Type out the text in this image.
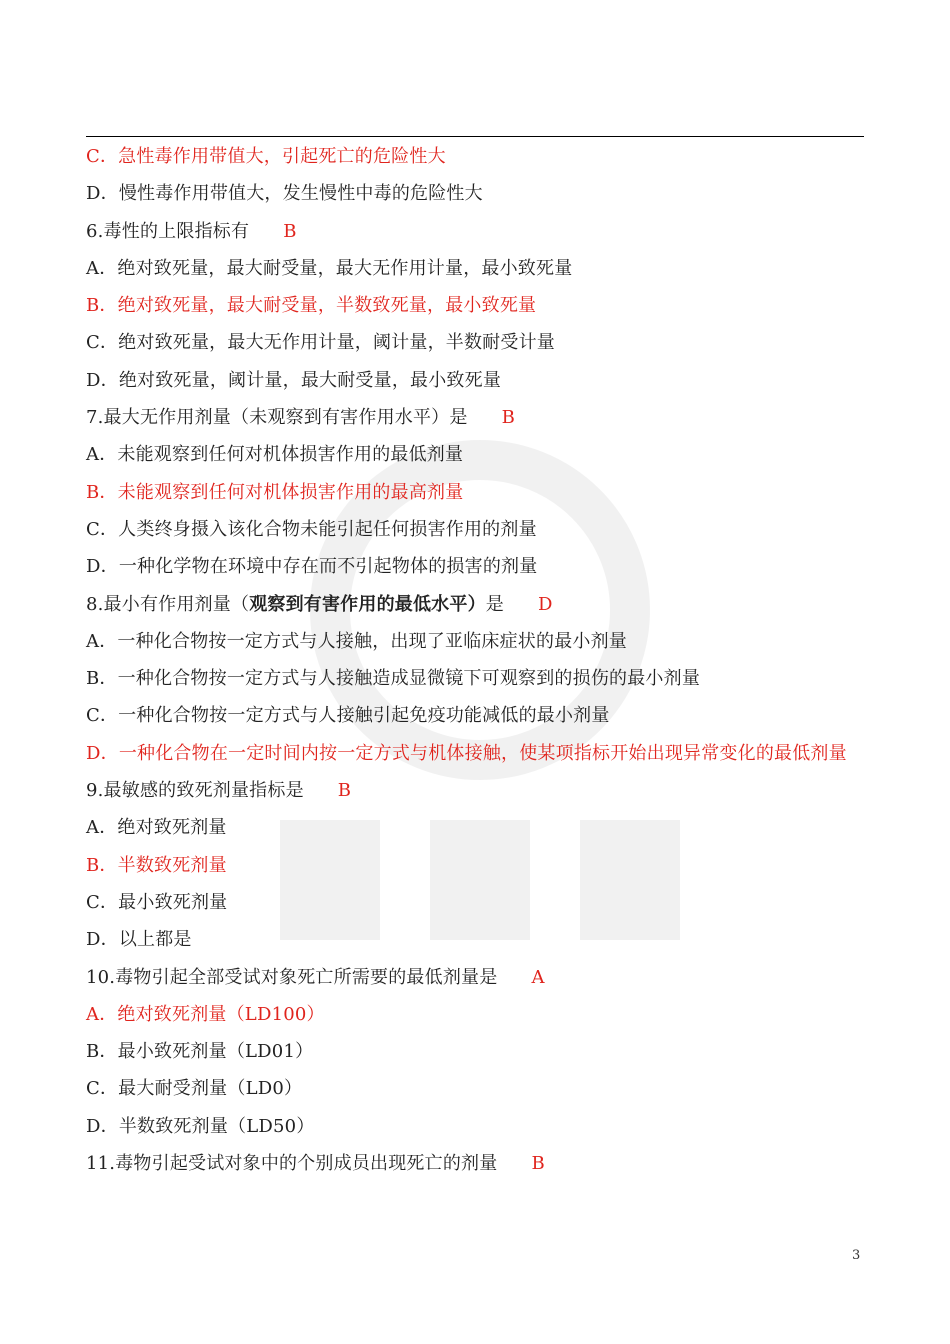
C．急性毒作用带值大，引起死亡的危险性大
D．慢性毒作用带值大，发生慢性中毒的危险性大
6.毒性的上限指标有 B
A．绝对致死量，最大耐受量，最大无作用计量，最小致死量
B．绝对致死量，最大耐受量，半数致死量，最小致死量
C．绝对致死量，最大无作用计量，阈计量，半数耐受计量
D．绝对致死量，阈计量，最大耐受量，最小致死量
7.最大无作用剂量（未观察到有害作用水平）是 B
A．未能观察到任何对机体损害作用的最低剂量
B．未能观察到任何对机体损害作用的最高剂量
C．人类终身摄入该化合物未能引起任何损害作用的剂量
D．一种化学物在环境中存在而不引起物体的损害的剂量
8.最小有作用剂量（观察到有害作用的最低水平）是 D
A．一种化合物按一定方式与人接触，出现了亚临床症状的最小剂量
B．一种化合物按一定方式与人接触造成显微镜下可观察到的损伤的最小剂量
C．一种化合物按一定方式与人接触引起免疫功能减低的最小剂量
D．一种化合物在一定时间内按一定方式与机体接触，使某项指标开始出现异常变化的最低剂量
9.最敏感的致死剂量指标是 B
A．绝对致死剂量
B．半数致死剂量
C．最小致死剂量
D．以上都是
10.毒物引起全部受试对象死亡所需要的最低剂量是 A
A．绝对致死剂量（LD100）
B．最小致死剂量（LD01）
C．最大耐受剂量（LD0）
D．半数致死剂量（LD50）
11.毒物引起受试对象中的个别成员出现死亡的剂量 B
3
